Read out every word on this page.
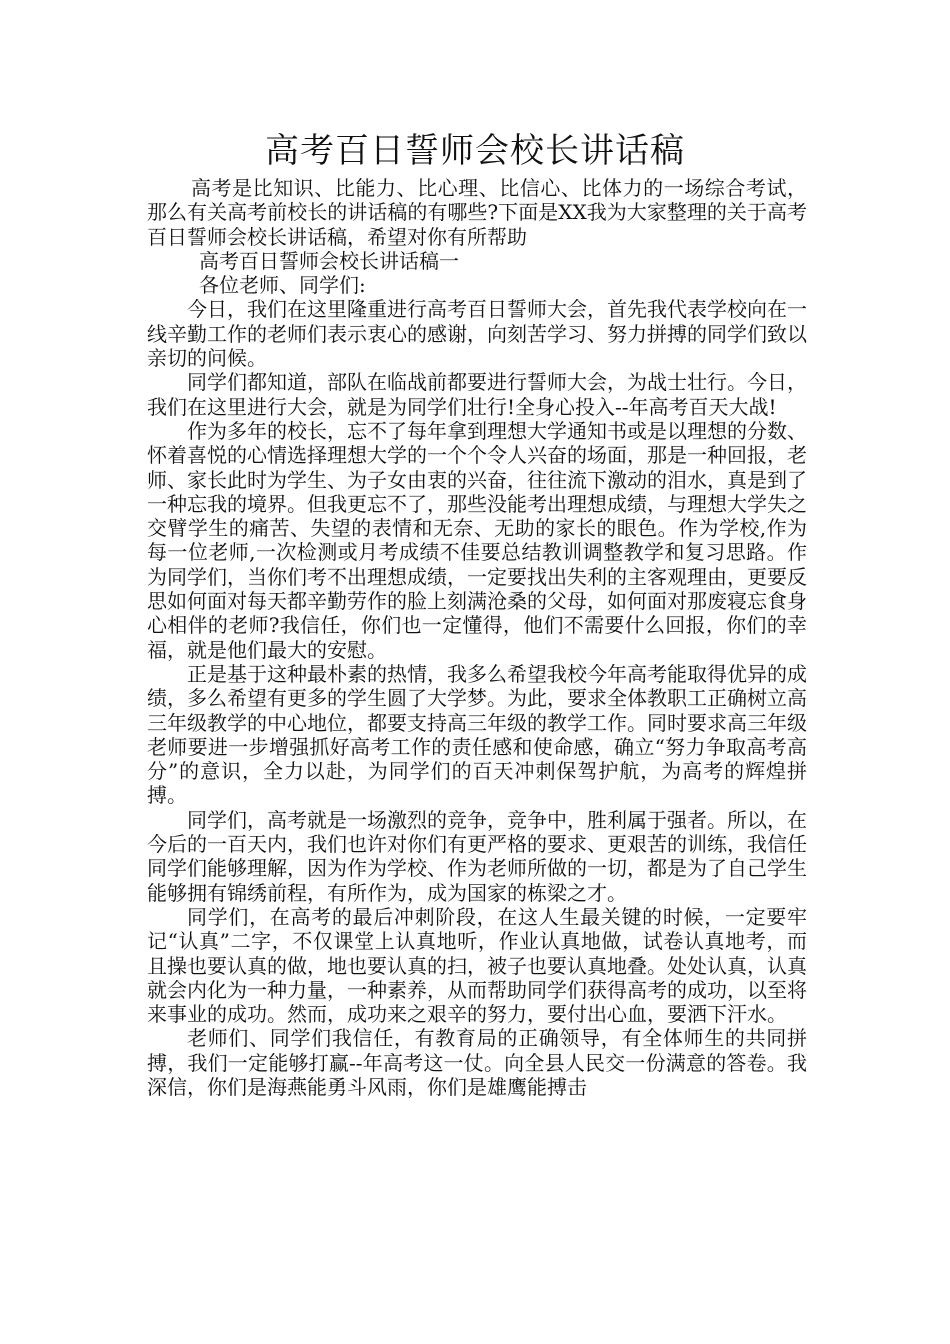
高考百日誓师会校长讲话稿

高考是比知识、比能力、比心理、比信心、比体力的一场综合考试，那么有关高考前校长的讲话稿的有哪些?下面是XX我为大家整理的关于高考百日誓师会校长讲话稿，希望对你有所帮助

高考百日誓师会校长讲话稿一

各位老师、同学们:

今日，我们在这里隆重进行高考百日誓师大会，首先我代表学校向在一线辛勤工作的老师们表示衷心的感谢，向刻苦学习、努力拼搏的同学们致以亲切的问候。

同学们都知道，部队在临战前都要进行誓师大会，为战士壮行。今日，我们在这里进行大会，就是为同学们壮行!全身心投入--年高考百天大战!

作为多年的校长，忘不了每年拿到理想大学通知书或是以理想的分数、怀着喜悦的心情选择理想大学的一个个令人兴奋的场面，那是一种回报，老师、家长此时为学生、为子女由衷的兴奋，往往流下激动的泪水，真是到了一种忘我的境界。但我更忘不了，那些没能考出理想成绩，与理想大学失之交臂学生的痛苦、失望的表情和无奈、无助的家长的眼色。作为学校,作为每一位老师,一次检测或月考成绩不佳要总结教训调整教学和复习思路。作为同学们，当你们考不出理想成绩，一定要找出失利的主客观理由，更要反思如何面对每天都辛勤劳作的脸上刻满沧桑的父母，如何面对那废寝忘食身心相伴的老师?我信任，你们也一定懂得，他们不需要什么回报，你们的幸福，就是他们最大的安慰。

正是基于这种最朴素的热情，我多么希望我校今年高考能取得优异的成绩，多么希望有更多的学生圆了大学梦。为此，要求全体教职工正确树立高三年级教学的中心地位，都要支持高三年级的教学工作。同时要求高三年级老师要进一步增强抓好高考工作的责任感和使命感，确立“努力争取高考高分”的意识，全力以赴，为同学们的百天冲刺保驾护航，为高考的辉煌拼搏。

同学们，高考就是一场激烈的竞争，竞争中，胜利属于强者。所以，在今后的一百天内，我们也许对你们有更严格的要求、更艰苦的训练，我信任同学们能够理解，因为作为学校、作为老师所做的一切，都是为了自己学生能够拥有锦绣前程，有所作为，成为国家的栋梁之才。

同学们，在高考的最后冲刺阶段，在这人生最关键的时候，一定要牢记“认真”二字，不仅课堂上认真地听，作业认真地做，试卷认真地考，而且操也要认真的做，地也要认真的扫，被子也要认真地叠。处处认真，认真就会内化为一种力量，一种素养，从而帮助同学们获得高考的成功，以至将来事业的成功。然而，成功来之艰辛的努力，要付出心血，要洒下汗水。

老师们、同学们我信任，有教育局的正确领导，有全体师生的共同拼搏，我们一定能够打赢--年高考这一仗。向全县人民交一份满意的答卷。我深信，你们是海燕能勇斗风雨，你们是雄鹰能搏击
